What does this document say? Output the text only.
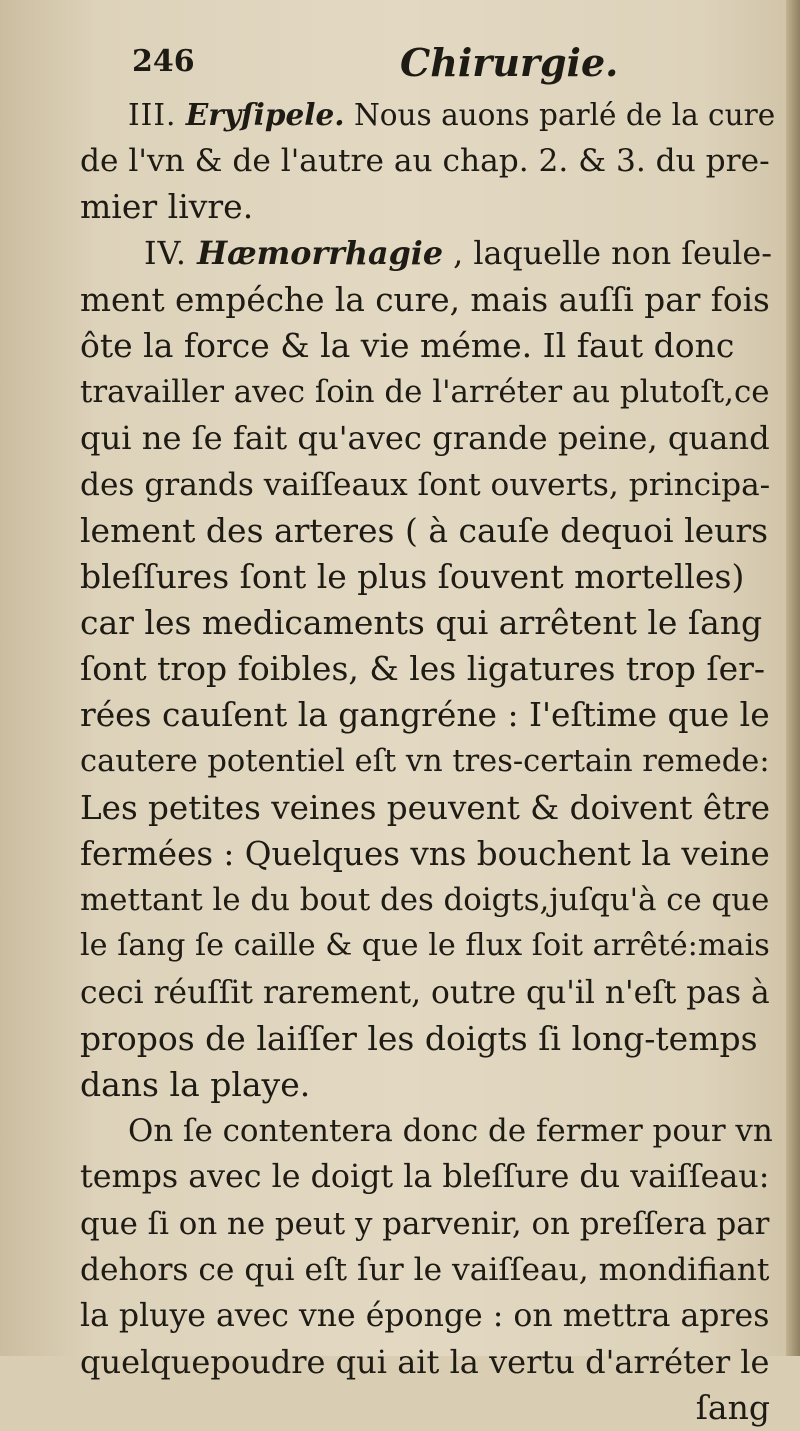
246	Chirurgie.
III. Eryſipele. Nous auons parlé de la cure
de l'vn & de l'autre au chap. 2. & 3. du pre-
mier livre.
IV. Hæmorrhagie , laquelle non ſeule-
ment empéche la cure, mais auſſi par fois
ôte la force & la vie méme. Il faut donc
travailler avec ſoin de l'arréter au plutoſt,ce
qui ne ſe fait qu'avec grande peine, quand
des grands vaiſſeaux ſont ouverts, principa-
lement des arteres ( à cauſe dequoi leurs
bleſſures ſont le plus ſouvent mortelles)
car les medicaments qui arrêtent le ſang
ſont trop foibles, & les ligatures trop ſer-
rées cauſent la gangréne : I'eſtime que le
cautere potentiel eſt vn tres-certain remede:
Les petites veines peuvent & doivent être
fermées : Quelques vns bouchent la veine
mettant le du bout des doigts,juſqu'à ce que
le ſang ſe caille & que le flux ſoit arrêté:mais
ceci réuſſit rarement, outre qu'il n'eſt pas à
propos de laiſſer les doigts ſi long-temps
dans la playe.
On ſe contentera donc de fermer pour vn
temps avec le doigt la bleſſure du vaiſſeau:
que ſi on ne peut y parvenir, on preſſera par
dehors ce qui eſt ſur le vaiſſeau, mondifiant
la pluye avec vne éponge : on mettra apres
quelquepoudre qui ait la vertu d'arréter le
ſang
